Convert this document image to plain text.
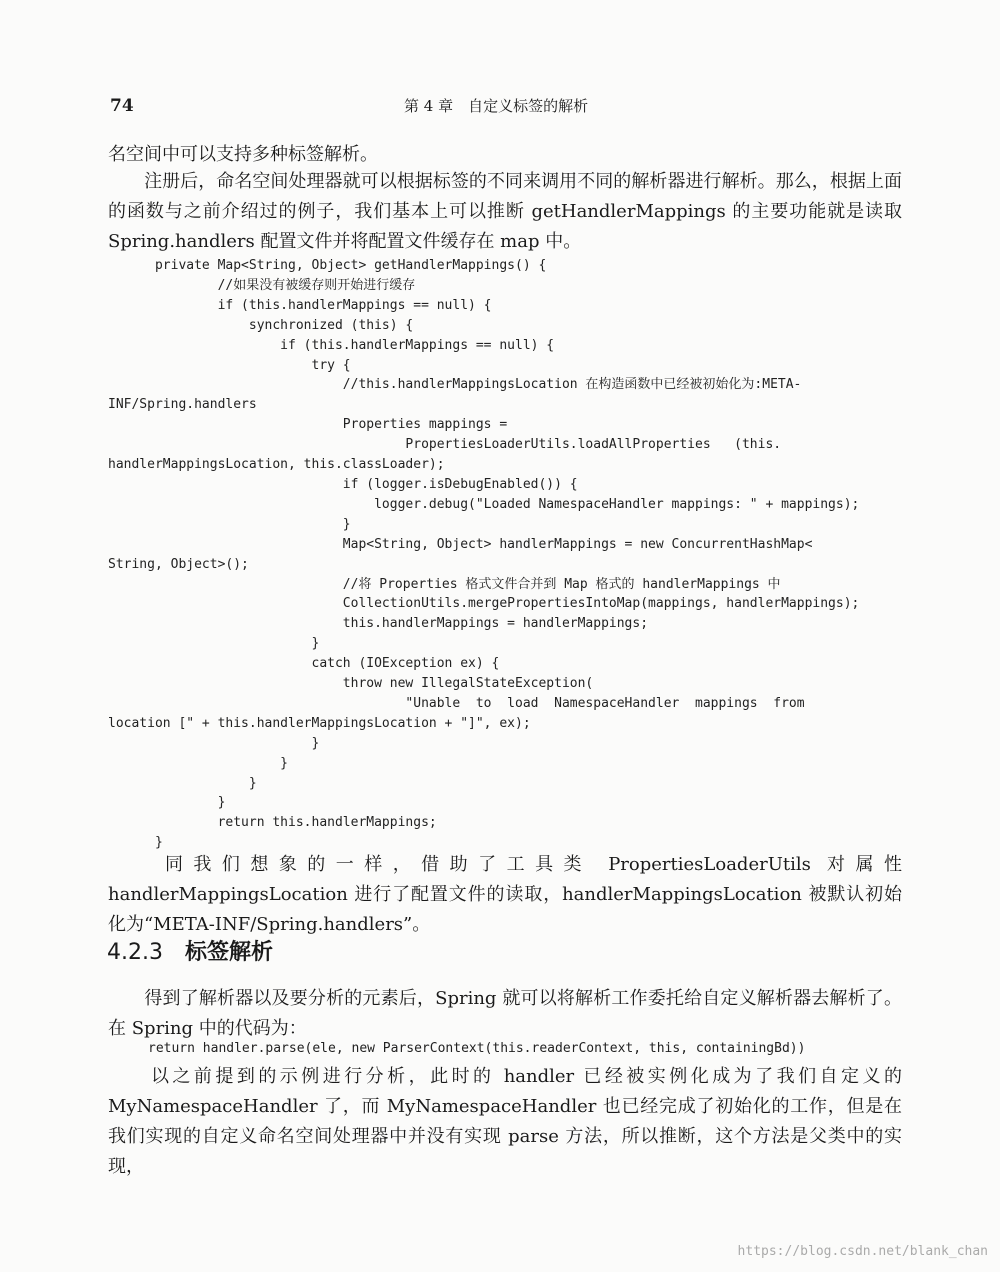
74	第 4 章　自定义标签的解析

名空间中可以支持多种标签解析。

　　注册后，命名空间处理器就可以根据标签的不同来调用不同的解析器进行解析。那么，根据上面的函数与之前介绍过的例子，我们基本上可以推断 getHandlerMappings 的主要功能就是读取 Spring.handlers 配置文件并将配置文件缓存在 map 中。

private Map<String, Object> getHandlerMappings() {
//如果没有被缓存则开始进行缓存
if (this.handlerMappings == null) {
synchronized (this) {
if (this.handlerMappings == null) {
try {
//this.handlerMappingsLocation 在构造函数中已经被初始化为:META-
INF/Spring.handlers
Properties mappings =
PropertiesLoaderUtils.loadAllProperties   (this.
handlerMappingsLocation, this.classLoader);
if (logger.isDebugEnabled()) {
logger.debug("Loaded NamespaceHandler mappings: " + mappings);
}
Map<String, Object> handlerMappings = new ConcurrentHashMap<
String, Object>();
//将 Properties 格式文件合并到 Map 格式的 handlerMappings 中
CollectionUtils.mergePropertiesIntoMap(mappings, handlerMappings);
this.handlerMappings = handlerMappings;
}
catch (IOException ex) {
throw new IllegalStateException(
"Unable  to  load  NamespaceHandler  mappings  from
location [" + this.handlerMappingsLocation + "]", ex);
}
}
}
}
return this.handlerMappings;
}

　　同我们想象的一样，借助了工具类 PropertiesLoaderUtils 对属性 handlerMappingsLocation 进行了配置文件的读取，handlerMappingsLocation 被默认初始化为“META-INF/Spring.handlers”。

4.2.3 标签解析

　　得到了解析器以及要分析的元素后，Spring 就可以将解析工作委托给自定义解析器去解析了。在 Spring 中的代码为：

return handler.parse(ele, new ParserContext(this.readerContext, this, containingBd))

　　以之前提到的示例进行分析，此时的 handler 已经被实例化成为了我们自定义的 MyNamespaceHandler 了，而 MyNamespaceHandler 也已经完成了初始化的工作，但是在我们实现的自定义命名空间处理器中并没有实现 parse 方法，所以推断，这个方法是父类中的实现，

https://blog.csdn.net/blank_chan
